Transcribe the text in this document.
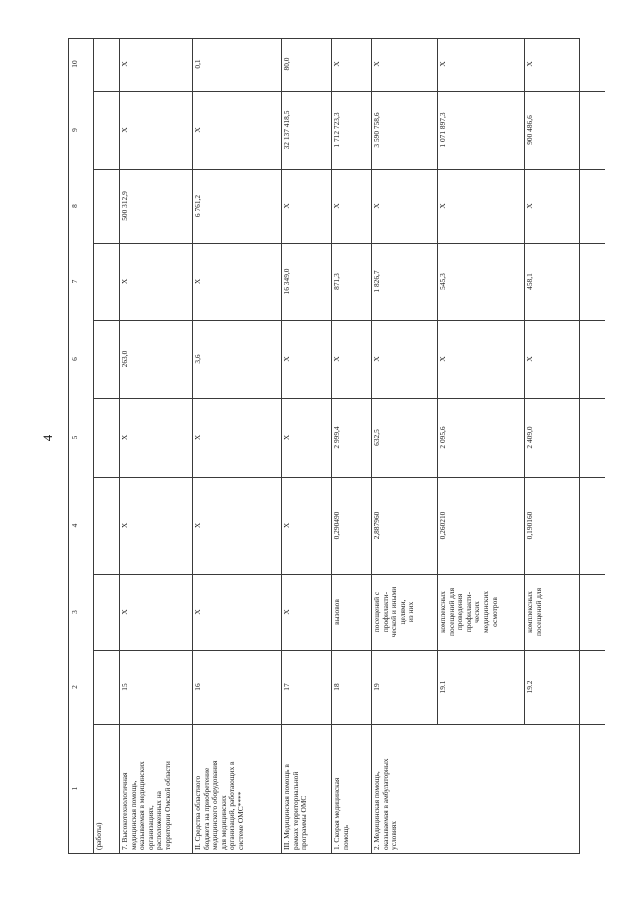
4
1
2
3
4
5
6
7
8
9
10
(работы)	7. Высокотехнологичная
медицинская помощь,
оказываемая в медицинских
организациях,
расположенных на
территории Омской области
15
X
X
X
263,0
X
500 312,9
X
X
II. Средства областного
бюджета на приобретение
медицинского оборудования
для медицинских
организаций, работающих в
системе ОМС****
16
X
X
X
3,6
X
6 761,2
X
0,1
III. Медицинская помощь в
рамках территориальной
программы ОМС
17
X
X
X
X
16 349,0
X
32 137 418,5
80,0
1. Скорая медицинская
помощь
18
вызовов
0,290490
2 999,4
X
871,3
X
1 712 723,3
X
2. Медицинская помощь,
оказываемая в амбулаторных
условиях
19
посещений с
профилакти-
ческой и иными
целями,
из них
2,887960
632,5
X
1 826,7
X
3 590 758,6
X
19.1
комплексных
посещений для
проведения
профилакти-
ческих
медицинских
осмотров
0,260210
2 095,6
X
545,3
X
1 071 897,3
X
19.2
комплексных
посещений для
0,190160
2 409,0
X
458,1
X
900 486,6
X
